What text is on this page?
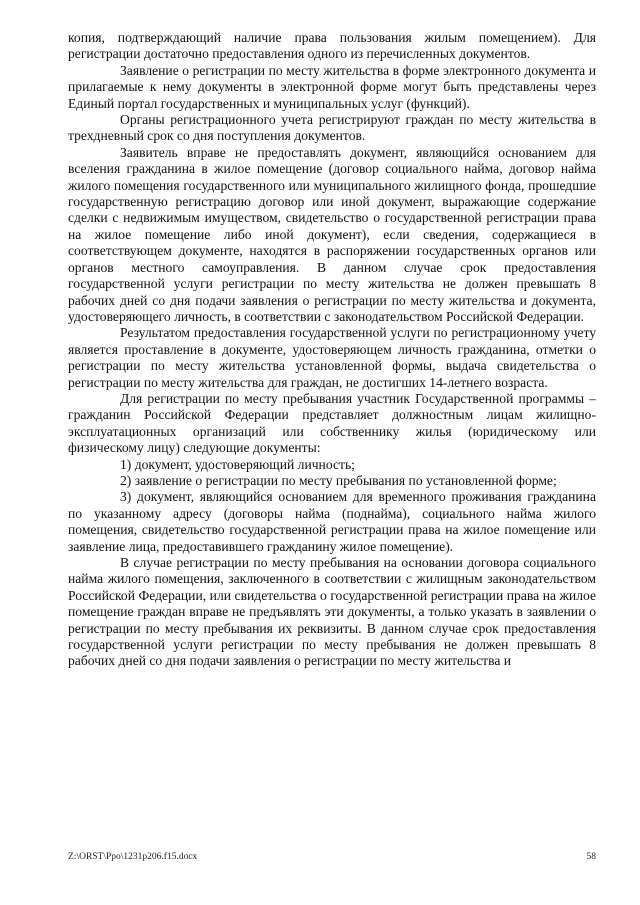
копия, подтверждающий наличие права пользования жилым помещением). Для регистрации достаточно предоставления одного из перечисленных документов.

Заявление о регистрации по месту жительства в форме электронного документа и прилагаемые к нему документы в электронной форме могут быть представлены через Единый портал государственных и муниципальных услуг (функций).

Органы регистрационного учета регистрируют граждан по месту жительства в трехдневный срок со дня поступления документов.

Заявитель вправе не предоставлять документ, являющийся основанием для вселения гражданина в жилое помещение (договор социального найма, договор найма жилого помещения государственного или муниципального жилищного фонда, прошедшие государственную регистрацию договор или иной документ, выражающие содержание сделки с недвижимым имуществом, свидетельство о государственной регистрации права на жилое помещение либо иной документ), если сведения, содержащиеся в соответствующем документе, находятся в распоряжении государственных органов или органов местного самоуправления. В данном случае срок предоставления государственной услуги регистрации по месту жительства не должен превышать 8 рабочих дней со дня подачи заявления о регистрации по месту жительства и документа, удостоверяющего личность, в соответствии с законодательством Российской Федерации.

Результатом предоставления государственной услуги по регистрационному учету является проставление в документе, удостоверяющем личность гражданина, отметки о регистрации по месту жительства установленной формы, выдача свидетельства о регистрации по месту жительства для граждан, не достигших 14-летнего возраста.

Для регистрации по месту пребывания участник Государственной программы – гражданин Российской Федерации представляет должностным лицам жилищно-эксплуатационных организаций или собственнику жилья (юридическому или физическому лицу) следующие документы:

1) документ, удостоверяющий личность;

2) заявление о регистрации по месту пребывания по установленной форме;

3) документ, являющийся основанием для временного проживания гражданина по указанному адресу (договоры найма (поднайма), социального найма жилого помещения, свидетельство государственной регистрации права на жилое помещение или заявление лица, предоставившего гражданину жилое помещение).

В случае регистрации по месту пребывания на основании договора социального найма жилого помещения, заключенного в соответствии с жилищным законодательством Российской Федерации, или свидетельства о государственной регистрации права на жилое помещение граждан вправе не предъявлять эти документы, а только указать в заявлении о регистрации по месту пребывания их реквизиты. В данном случае срок предоставления государственной услуги регистрации по месту пребывания не должен превышать 8 рабочих дней со дня подачи заявления о регистрации по месту жительства и

Z:\ORST\Ppo\1231p206.f15.docx	58
